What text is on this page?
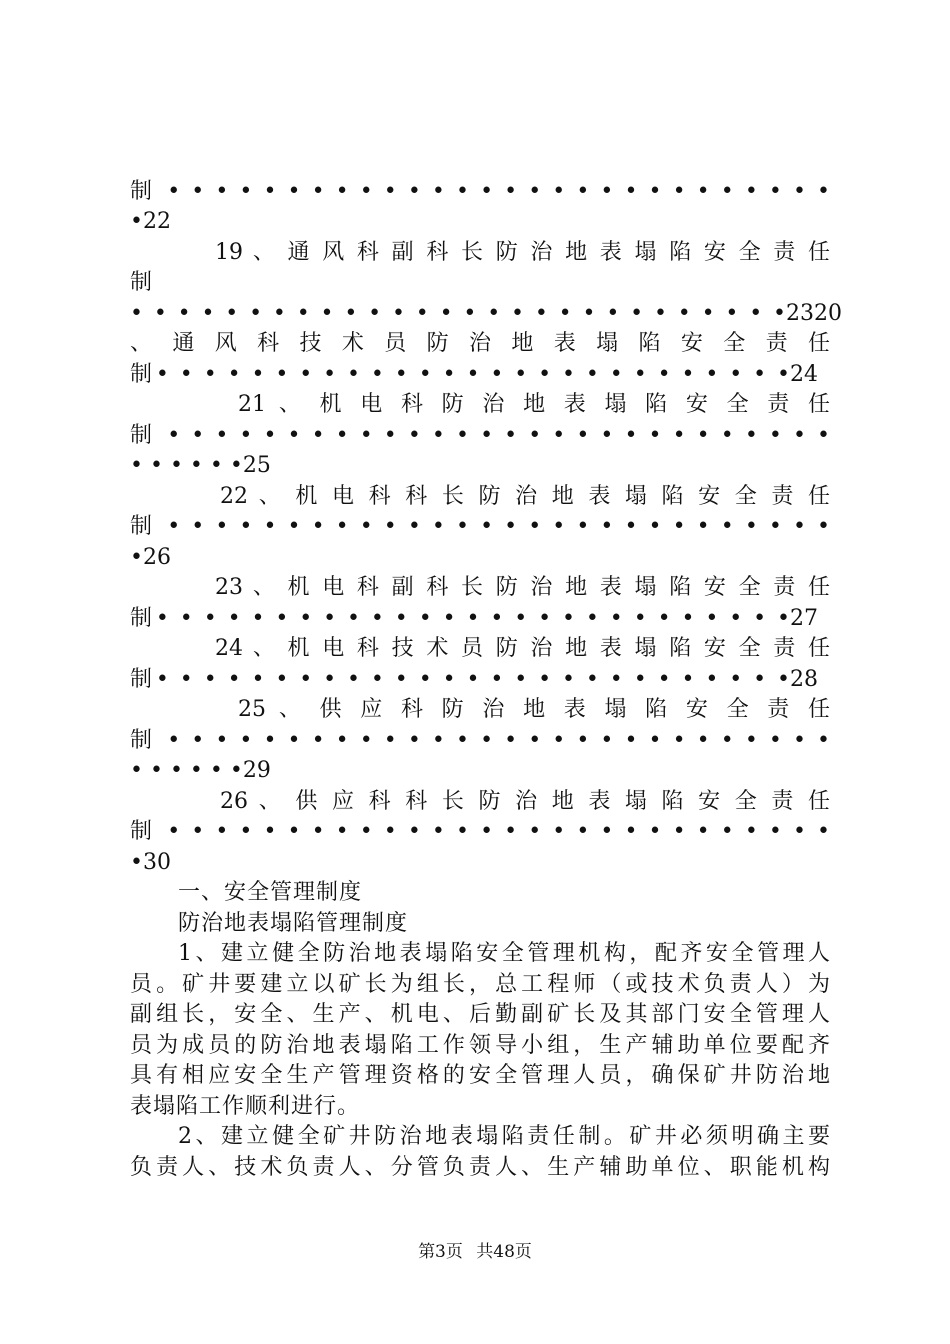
制 • • • • • • • • • • • • • • • • • • • • • • • • • • • •
•22
19 、 通 风 科 副 科 长 防 治 地 表 塌 陷 安 全 责 任
制
• • • • • • • • • • • • • • • • • • • • • • • • • • • •2320
、 通 风 科 技 术 员 防 治 地 表 塌 陷 安 全 责 任
制• • • • • • • • • • • • • • • • • • • • • • • • • • •24
21 、 机 电 科 防 治 地 表 塌 陷 安 全 责 任
制 • • • • • • • • • • • • • • • • • • • • • • • • • • • •
• • • • • •25
22 、 机 电 科 科 长 防 治 地 表 塌 陷 安 全 责 任
制 • • • • • • • • • • • • • • • • • • • • • • • • • • • •
•26
23 、 机 电 科 副 科 长 防 治 地 表 塌 陷 安 全 责 任
制• • • • • • • • • • • • • • • • • • • • • • • • • • •27
24 、 机 电 科 技 术 员 防 治 地 表 塌 陷 安 全 责 任
制• • • • • • • • • • • • • • • • • • • • • • • • • • •28
25 、 供 应 科 防 治 地 表 塌 陷 安 全 责 任
制 • • • • • • • • • • • • • • • • • • • • • • • • • • • •
• • • • • •29
26 、 供 应 科 科 长 防 治 地 表 塌 陷 安 全 责 任
制 • • • • • • • • • • • • • • • • • • • • • • • • • • • •
•30
一、安全管理制度
防治地表塌陷管理制度
1、建立健全防治地表塌陷安全管理机构，配齐安全管理人
员。矿井要建立以矿长为组长，总工程师（或技术负责人）为
副组长，安全、生产、机电、后勤副矿长及其部门安全管理人
员为成员的防治地表塌陷工作领导小组，生产辅助单位要配齐
具有相应安全生产管理资格的安全管理人员，确保矿井防治地
表塌陷工作顺利进行。
2、建立健全矿井防治地表塌陷责任制。矿井必须明确主要
负责人、技术负责人、分管负责人、生产辅助单位、职能机构
第3页 共48页
